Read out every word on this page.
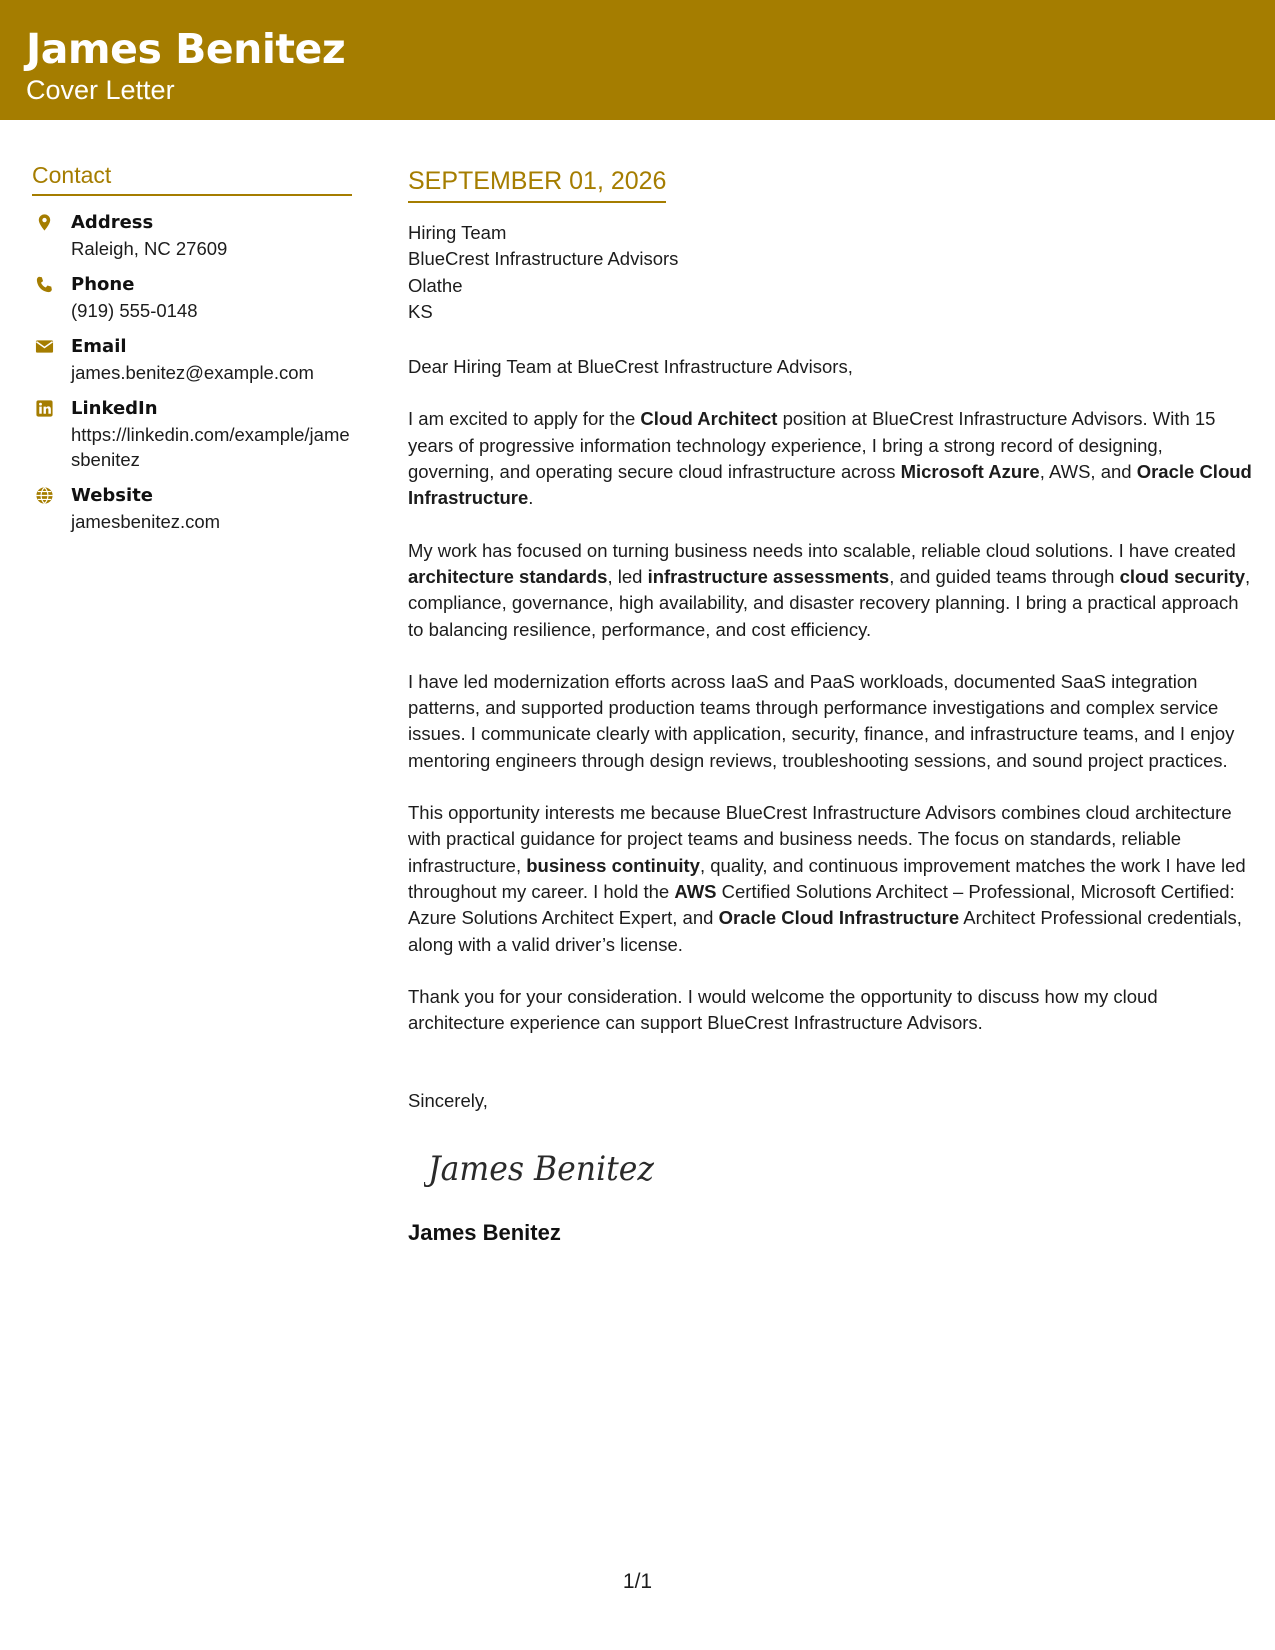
James Benitez
Cover Letter
Contact
Address
Raleigh, NC 27609
Phone
(919) 555-0148
Email
james.benitez@example.com
LinkedIn
https://linkedin.com/example/jamesbenitez
Website
jamesbenitez.com
SEPTEMBER 01, 2026
Hiring Team
BlueCrest Infrastructure Advisors
Olathe
KS
Dear Hiring Team at BlueCrest Infrastructure Advisors,
I am excited to apply for the Cloud Architect position at BlueCrest Infrastructure Advisors. With 15 years of progressive information technology experience, I bring a strong record of designing, governing, and operating secure cloud infrastructure across Microsoft Azure, AWS, and Oracle Cloud Infrastructure.
My work has focused on turning business needs into scalable, reliable cloud solutions. I have created architecture standards, led infrastructure assessments, and guided teams through cloud security, compliance, governance, high availability, and disaster recovery planning. I bring a practical approach to balancing resilience, performance, and cost efficiency.
I have led modernization efforts across IaaS and PaaS workloads, documented SaaS integration patterns, and supported production teams through performance investigations and complex service issues. I communicate clearly with application, security, finance, and infrastructure teams, and I enjoy mentoring engineers through design reviews, troubleshooting sessions, and sound project practices.
This opportunity interests me because BlueCrest Infrastructure Advisors combines cloud architecture with practical guidance for project teams and business needs. The focus on standards, reliable infrastructure, business continuity, quality, and continuous improvement matches the work I have led throughout my career. I hold the AWS Certified Solutions Architect – Professional, Microsoft Certified: Azure Solutions Architect Expert, and Oracle Cloud Infrastructure Architect Professional credentials, along with a valid driver’s license.
Thank you for your consideration. I would welcome the opportunity to discuss how my cloud architecture experience can support BlueCrest Infrastructure Advisors.
Sincerely,
James Benitez
James Benitez
1/1
